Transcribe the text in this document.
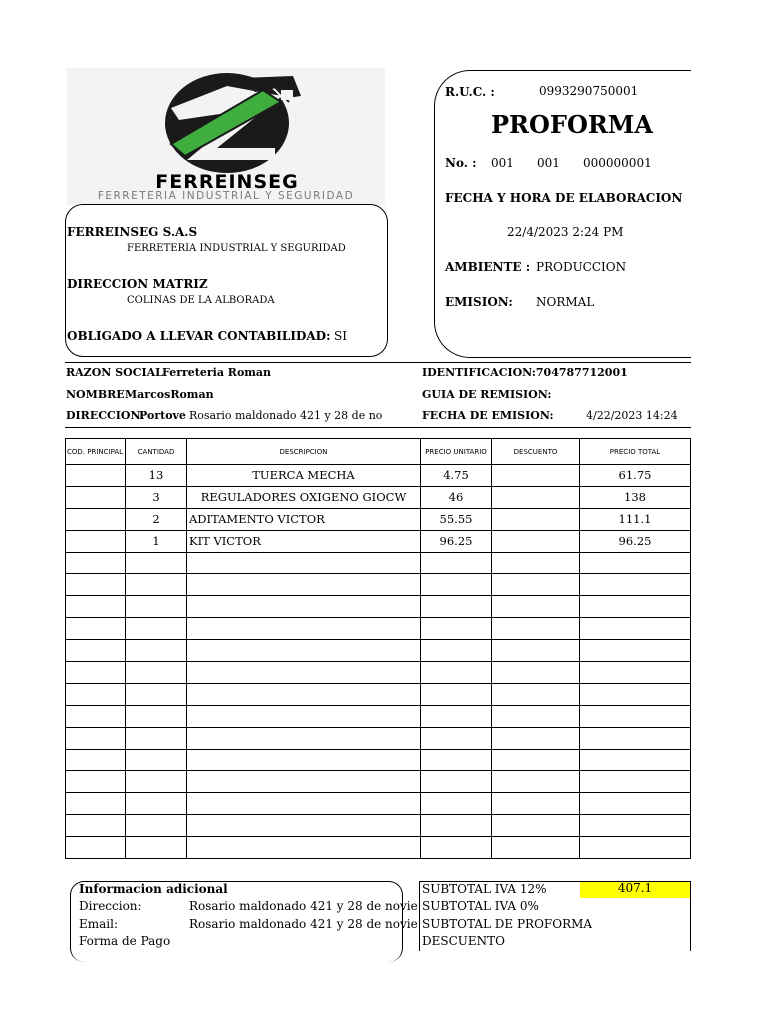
FERREINSEG
FERRETERIA INDUSTRIAL Y SEGURIDAD
FERREINSEG S.A.S
FERRETERIA INDUSTRIAL Y SEGURIDAD
DIRECCION MATRIZ
COLINAS DE LA ALBORADA
OBLIGADO A LLEVAR CONTABILIDAD: SI
R.U.C. :	0993290750001
PROFORMA
No. : 001 001 000000001
FECHA Y HORA DE ELABORACION
22/4/2023 2:24 PM
AMBIENTE : PRODUCCION
EMISION: NORMAL
RAZON SOCIAL Ferreteria Roman
NOMBRE MarcosRoman
DIRECCION:
Portove Rosario maldonado 421 y 28 de no
IDENTIFICACION:704787712001
GUIA DE REMISION:
FECHA DE EMISION:	4/22/2023 14:24
COD. PRINCIPAL	CANTIDAD	DESCRIPCION	PRECIO UNITARIO	DESCUENTO	PRECIO TOTAL
	13	TUERCA MECHA	4.75		61.75
	3	REGULADORES OXIGENO GIOCW	46		138
	2	ADITAMENTO VICTOR	55.55		111.1
	1	KIT VICTOR	96.25		96.25

Informacion adicional
Direccion:	Rosario maldonado 421 y 28 de novie
Email:	Rosario maldonado 421 y 28 de novie
Forma de Pago
SUBTOTAL IVA 12%	407.1
SUBTOTAL IVA 0%
SUBTOTAL DE PROFORMA
DESCUENTO
